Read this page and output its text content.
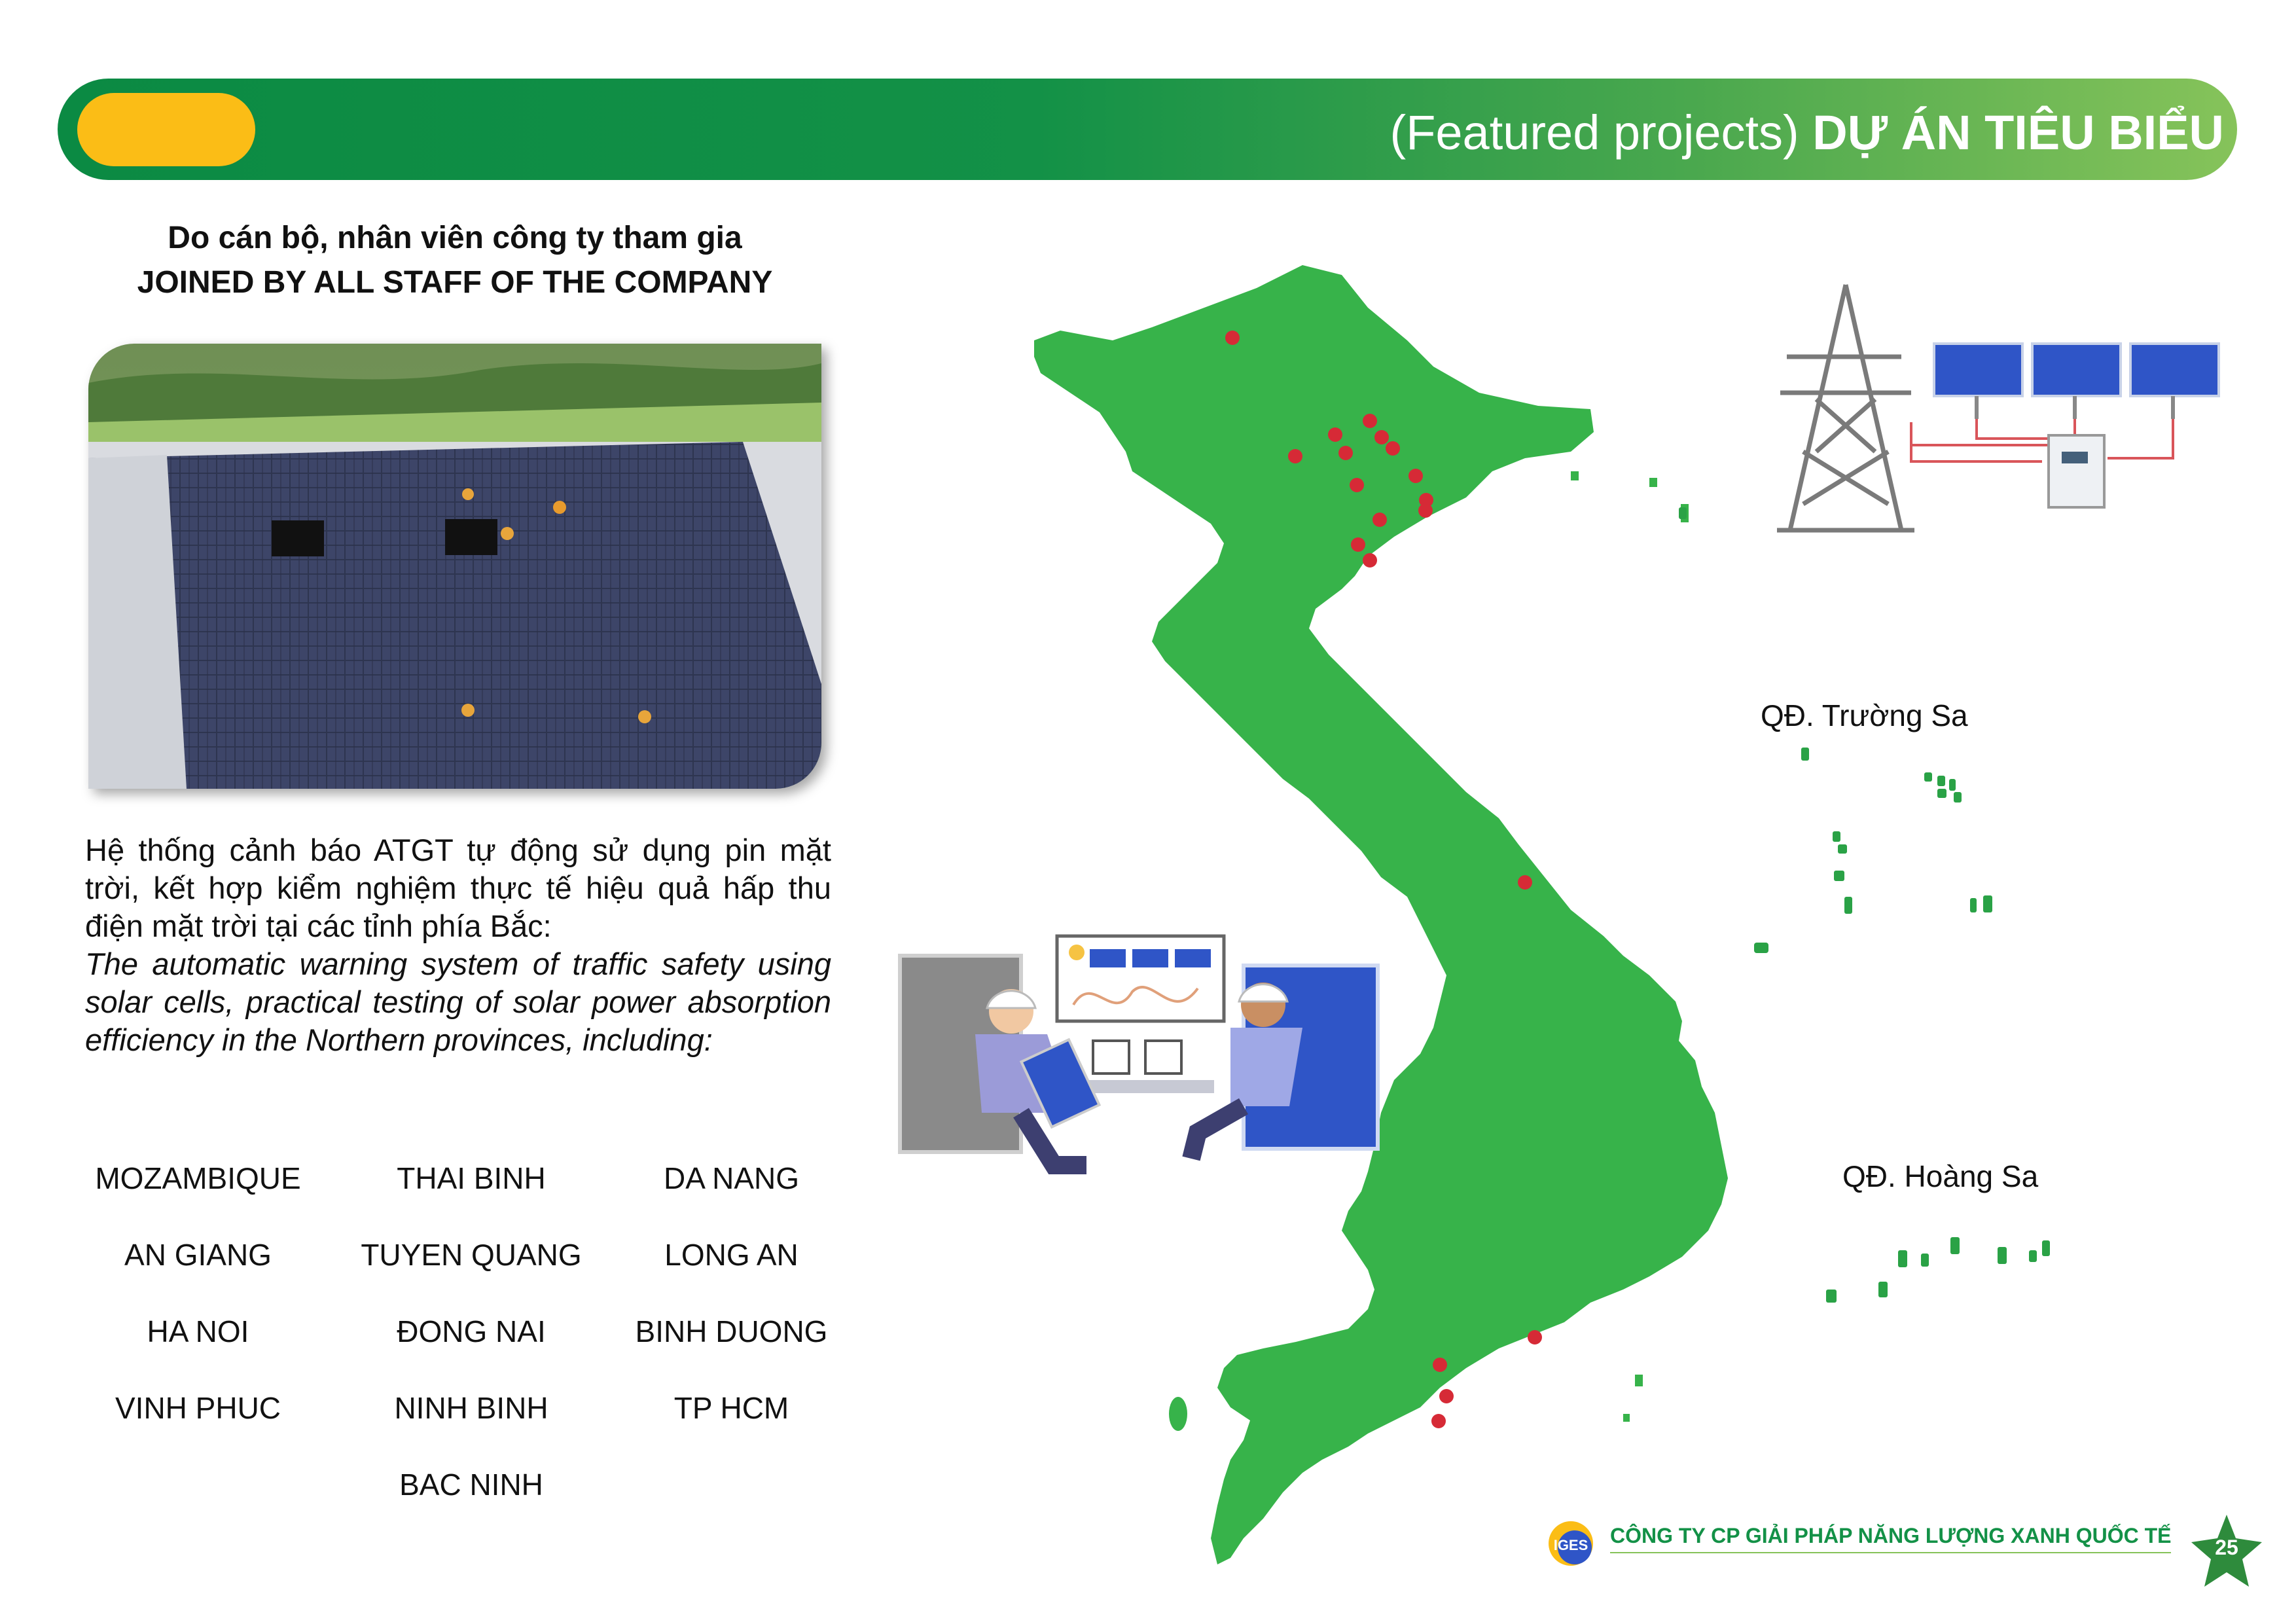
(Featured projects) DỰ ÁN TIÊU BIỂU
Do cán bộ, nhân viên công ty tham gia
JOINED BY ALL STAFF OF THE COMPANY
Hệ thống cảnh báo ATGT tự động sử dụng pin mặt trời, kết hợp kiểm nghiệm thực tế hiệu quả hấp thu điện mặt trời tại các tỉnh phía Bắc:
The automatic warning system of traffic safety using solar cells, practical testing of solar power absorption efficiency in the Northern provinces, including:
MOZAMBIQUE	THAI BINH	DA NANG
AN GIANG	TUYEN QUANG	LONG AN
HA NOI	ĐONG NAI	BINH DUONG
VINH PHUC	NINH BINH	TP HCM
BAC NINH
QĐ. Trường Sa
QĐ. Hoàng Sa
IGES CÔNG TY CP GIẢI PHÁP NĂNG LƯỢNG XANH QUỐC TẾ	25
